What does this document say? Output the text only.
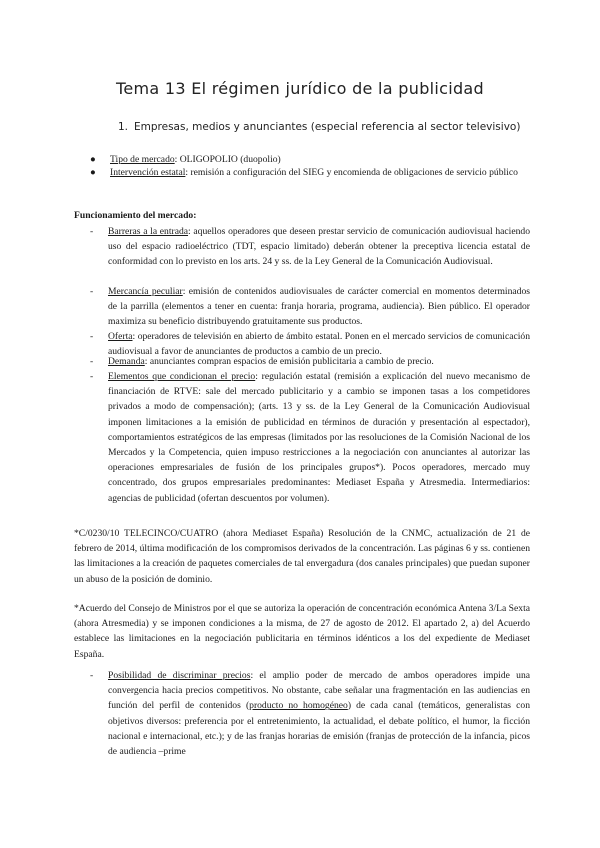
Tema 13 El régimen jurídico de la publicidad
1. Empresas, medios y anunciantes (especial referencia al sector televisivo)
● Tipo de mercado: OLIGOPOLIO (duopolio)
● Intervención estatal: remisión a configuración del SIEG y encomienda de obligaciones de servicio público
Funcionamiento del mercado:
- Barreras a la entrada: aquellos operadores que deseen prestar servicio de comunicación audiovisual haciendo uso del espacio radioeléctrico (TDT, espacio limitado) deberán obtener la preceptiva licencia estatal de conformidad con lo previsto en los arts. 24 y ss. de la Ley General de la Comunicación Audiovisual.
- Mercancía peculiar: emisión de contenidos audiovisuales de carácter comercial en momentos determinados de la parrilla (elementos a tener en cuenta: franja horaria, programa, audiencia). Bien público. El operador maximiza su beneficio distribuyendo gratuitamente sus productos.
- Oferta: operadores de televisión en abierto de ámbito estatal. Ponen en el mercado servicios de comunicación audiovisual a favor de anunciantes de productos a cambio de un precio.
- Demanda: anunciantes compran espacios de emisión publicitaria a cambio de precio.
- Elementos que condicionan el precio: regulación estatal (remisión a explicación del nuevo mecanismo de financiación de RTVE: sale del mercado publicitario y a cambio se imponen tasas a los competidores privados a modo de compensación); (arts. 13 y ss. de la Ley General de la Comunicación Audiovisual imponen limitaciones a la emisión de publicidad en términos de duración y presentación al espectador), comportamientos estratégicos de las empresas (limitados por las resoluciones de la Comisión Nacional de los Mercados y la Competencia, quien impuso restricciones a la negociación con anunciantes al autorizar las operaciones empresariales de fusión de los principales grupos*). Pocos operadores, mercado muy concentrado, dos grupos empresariales predominantes: Mediaset España y Atresmedia. Intermediarios: agencias de publicidad (ofertan descuentos por volumen).
*C/0230/10 TELECINCO/CUATRO (ahora Mediaset España) Resolución de la CNMC, actualización de 21 de febrero de 2014, última modificación de los compromisos derivados de la concentración. Las páginas 6 y ss. contienen las limitaciones a la creación de paquetes comerciales de tal envergadura (dos canales principales) que puedan suponer un abuso de la posición de dominio.
*Acuerdo del Consejo de Ministros por el que se autoriza la operación de concentración económica Antena 3/La Sexta (ahora Atresmedia) y se imponen condiciones a la misma, de 27 de agosto de 2012. El apartado 2, a) del Acuerdo establece las limitaciones en la negociación publicitaria en términos idénticos a los del expediente de Mediaset España.
- Posibilidad de discriminar precios: el amplio poder de mercado de ambos operadores impide una convergencia hacia precios competitivos. No obstante, cabe señalar una fragmentación en las audiencias en función del perfil de contenidos (producto no homogéneo) de cada canal (temáticos, generalistas con objetivos diversos: preferencia por el entretenimiento, la actualidad, el debate político, el humor, la ficción nacional e internacional, etc.); y de las franjas horarias de emisión (franjas de protección de la infancia, picos de audiencia –prime
